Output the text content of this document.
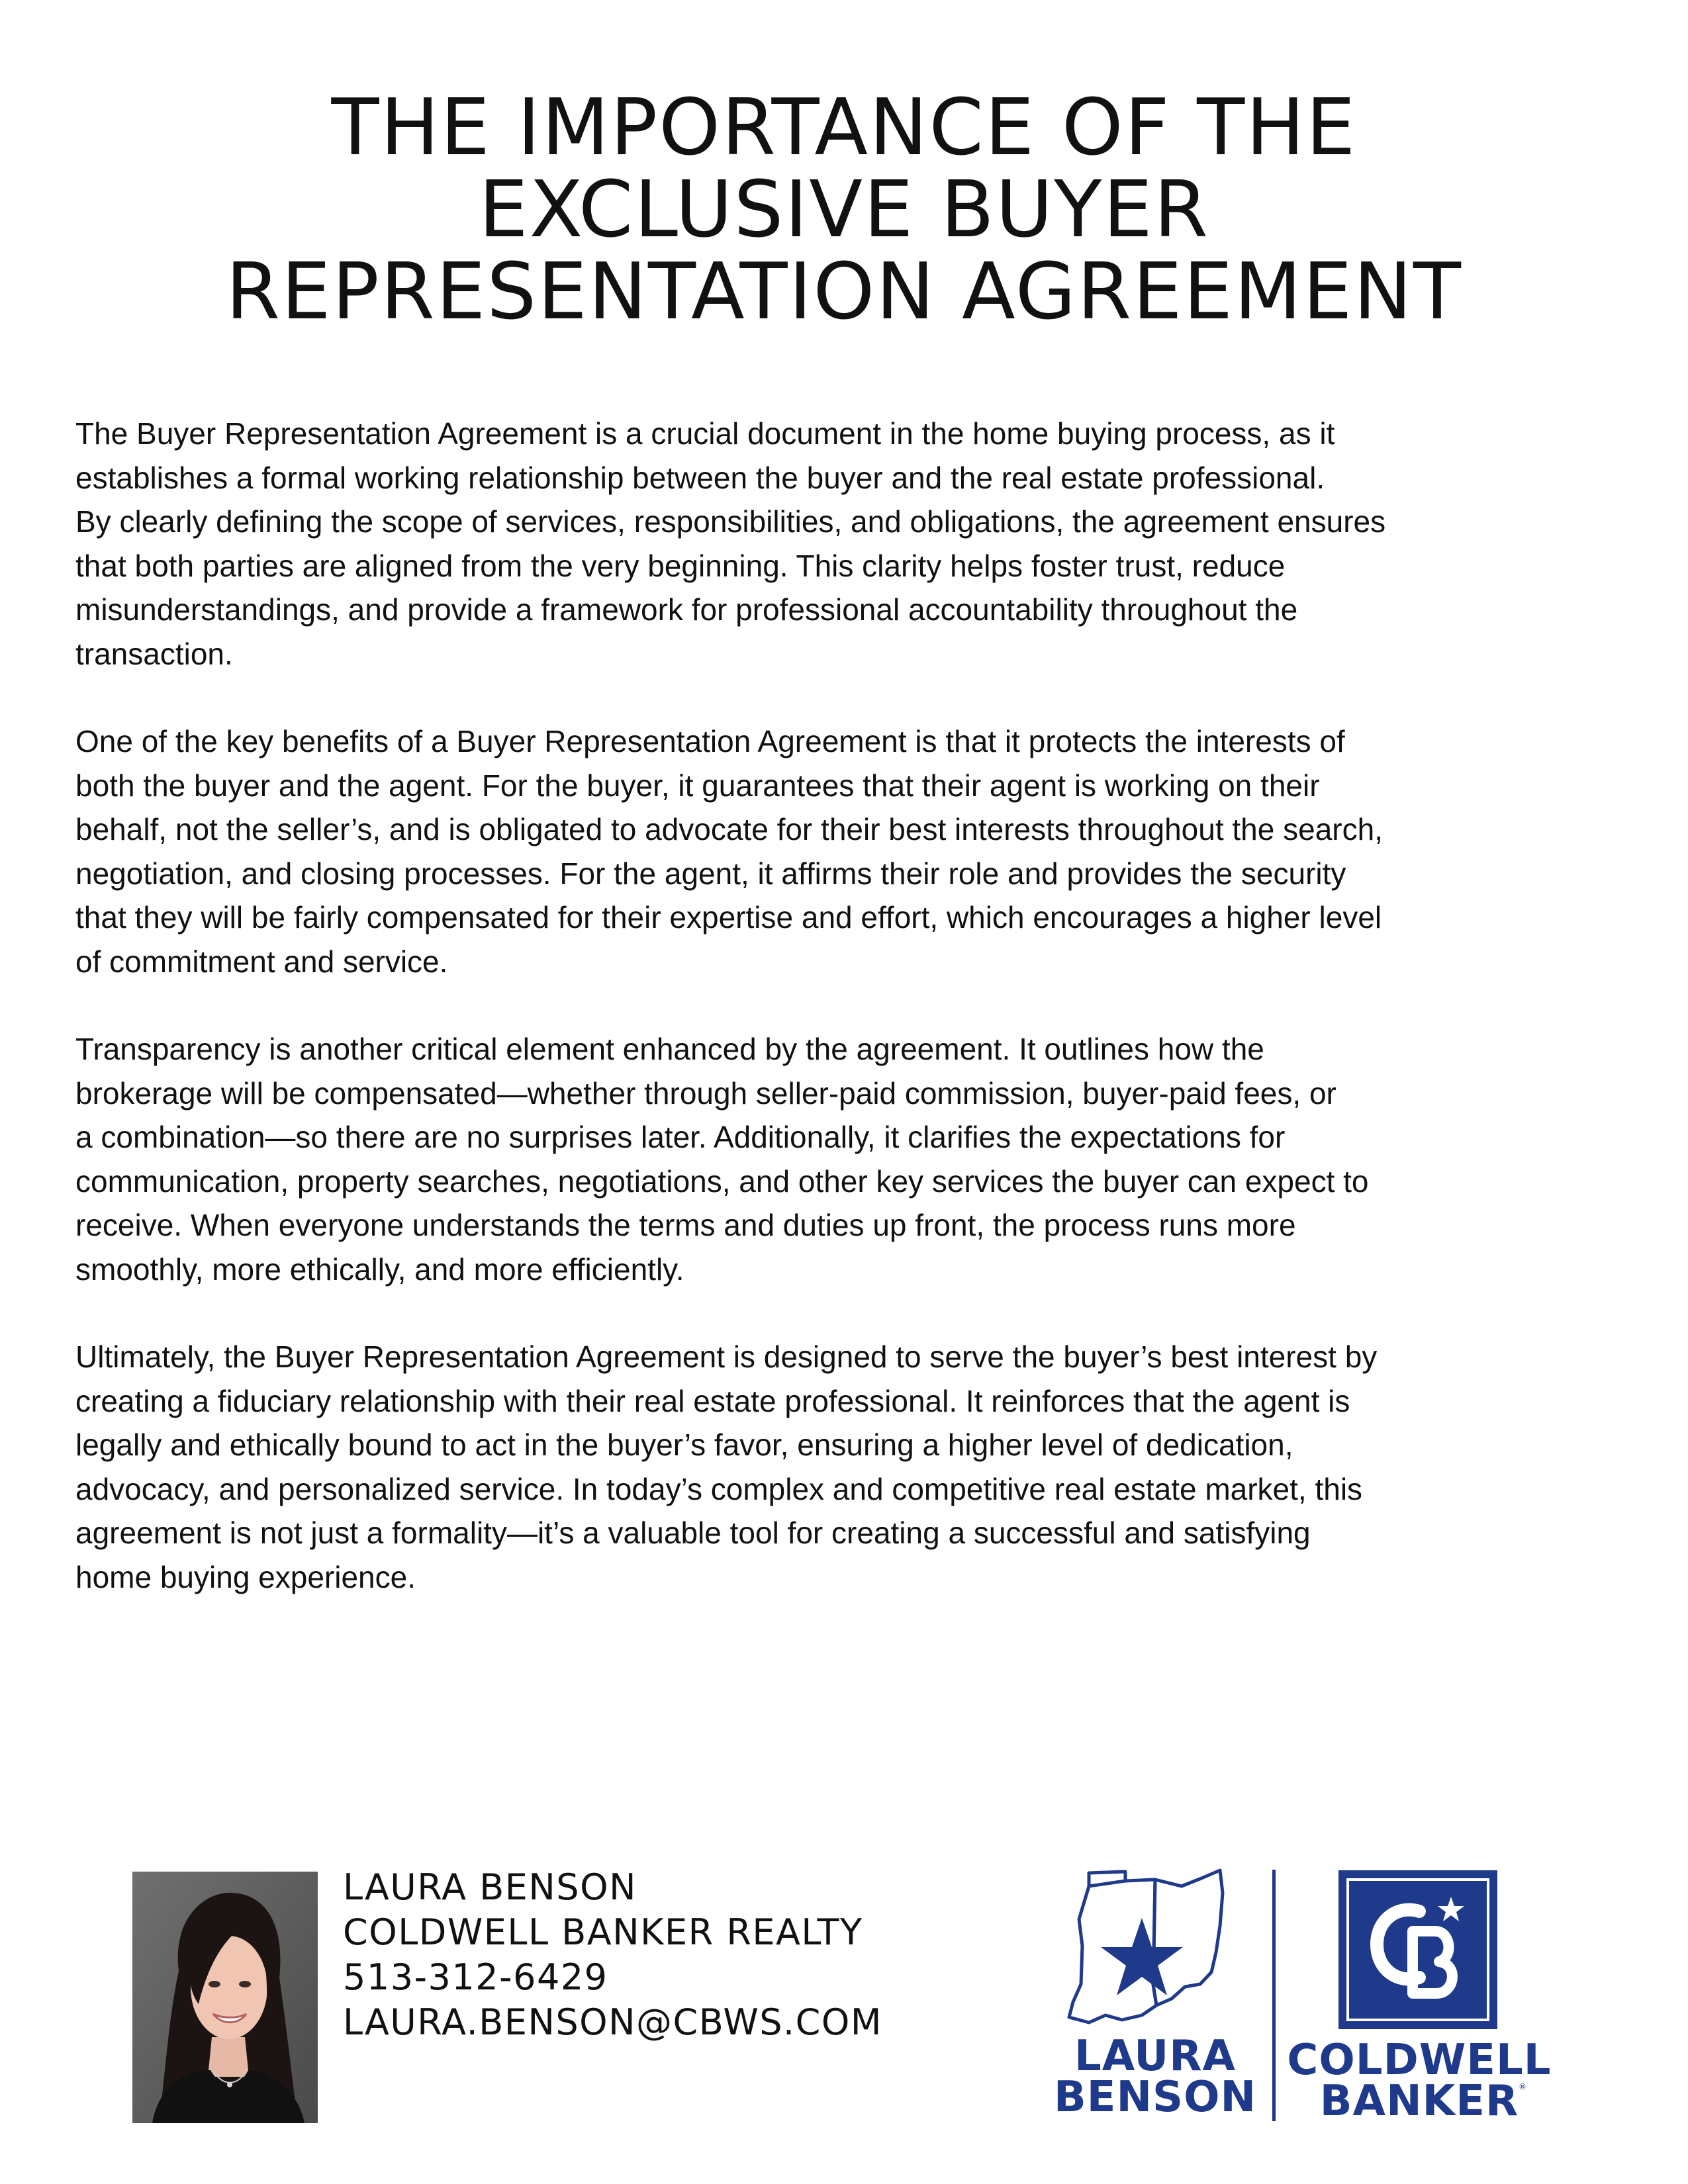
THE IMPORTANCE OF THE
EXCLUSIVE BUYER
REPRESENTATION AGREEMENT

The Buyer Representation Agreement is a crucial document in the home buying process, as it
establishes a formal working relationship between the buyer and the real estate professional.
By clearly defining the scope of services, responsibilities, and obligations, the agreement ensures
that both parties are aligned from the very beginning. This clarity helps foster trust, reduce
misunderstandings, and provide a framework for professional accountability throughout the
transaction.

One of the key benefits of a Buyer Representation Agreement is that it protects the interests of
both the buyer and the agent. For the buyer, it guarantees that their agent is working on their
behalf, not the seller’s, and is obligated to advocate for their best interests throughout the search,
negotiation, and closing processes. For the agent, it affirms their role and provides the security
that they will be fairly compensated for their expertise and effort, which encourages a higher level
of commitment and service.

Transparency is another critical element enhanced by the agreement. It outlines how the
brokerage will be compensated—whether through seller-paid commission, buyer-paid fees, or
a combination—so there are no surprises later. Additionally, it clarifies the expectations for
communication, property searches, negotiations, and other key services the buyer can expect to
receive. When everyone understands the terms and duties up front, the process runs more
smoothly, more ethically, and more efficiently.

Ultimately, the Buyer Representation Agreement is designed to serve the buyer’s best interest by
creating a fiduciary relationship with their real estate professional. It reinforces that the agent is
legally and ethically bound to act in the buyer’s favor, ensuring a higher level of dedication,
advocacy, and personalized service. In today’s complex and competitive real estate market, this
agreement is not just a formality—it’s a valuable tool for creating a successful and satisfying
home buying experience.

LAURA BENSON
COLDWELL BANKER REALTY
513-312-6429
LAURA.BENSON@CBWS.COM
LAURA
BENSON
COLDWELL
BANKER ®
